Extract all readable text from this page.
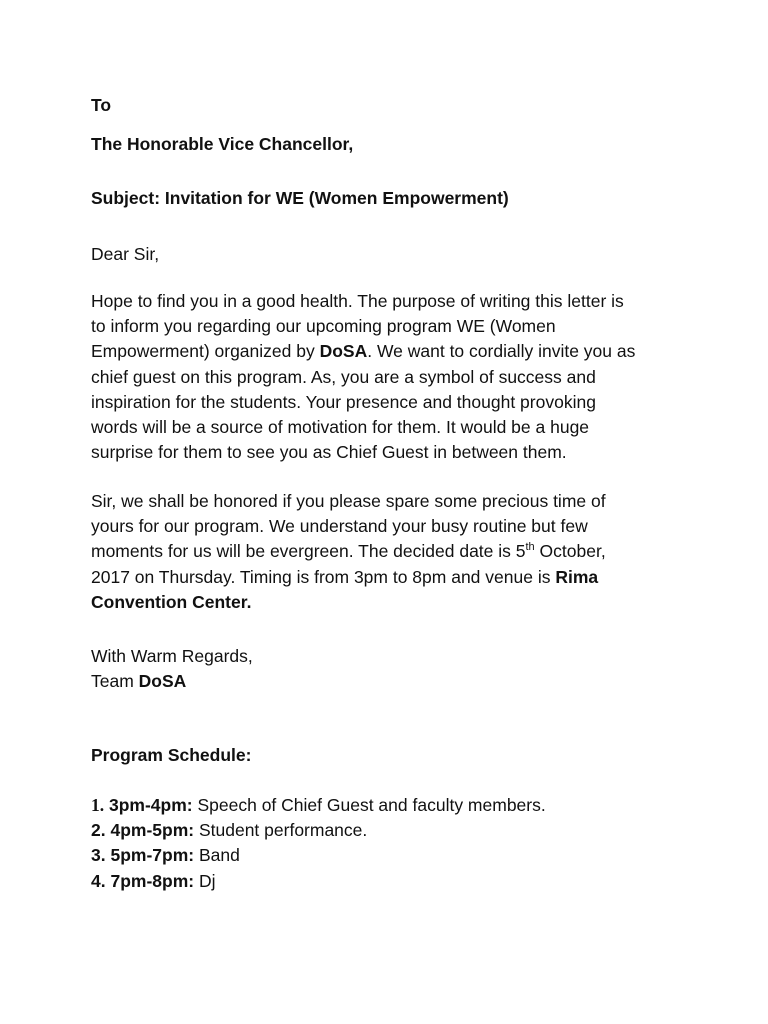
To
The Honorable Vice Chancellor,
Subject: Invitation for WE (Women Empowerment)
Dear Sir,
Hope to find you in a good health. The purpose of writing this letter is
to inform you regarding our upcoming program WE (Women
Empowerment) organized by DoSA. We want to cordially invite you as
chief guest on this program. As, you are a symbol of success and
inspiration for the students. Your presence and thought provoking
words will be a source of motivation for them. It would be a huge
surprise for them to see you as Chief Guest in between them.
Sir, we shall be honored if you please spare some precious time of
yours for our program. We understand your busy routine but few
moments for us will be evergreen. The decided date is 5th October,
2017 on Thursday. Timing is from 3pm to 8pm and venue is Rima
Convention Center.
With Warm Regards,
Team DoSA
Program Schedule:
1. 3pm-4pm: Speech of Chief Guest and faculty members.
2. 4pm-5pm: Student performance.
3. 5pm-7pm: Band
4. 7pm-8pm: Dj
